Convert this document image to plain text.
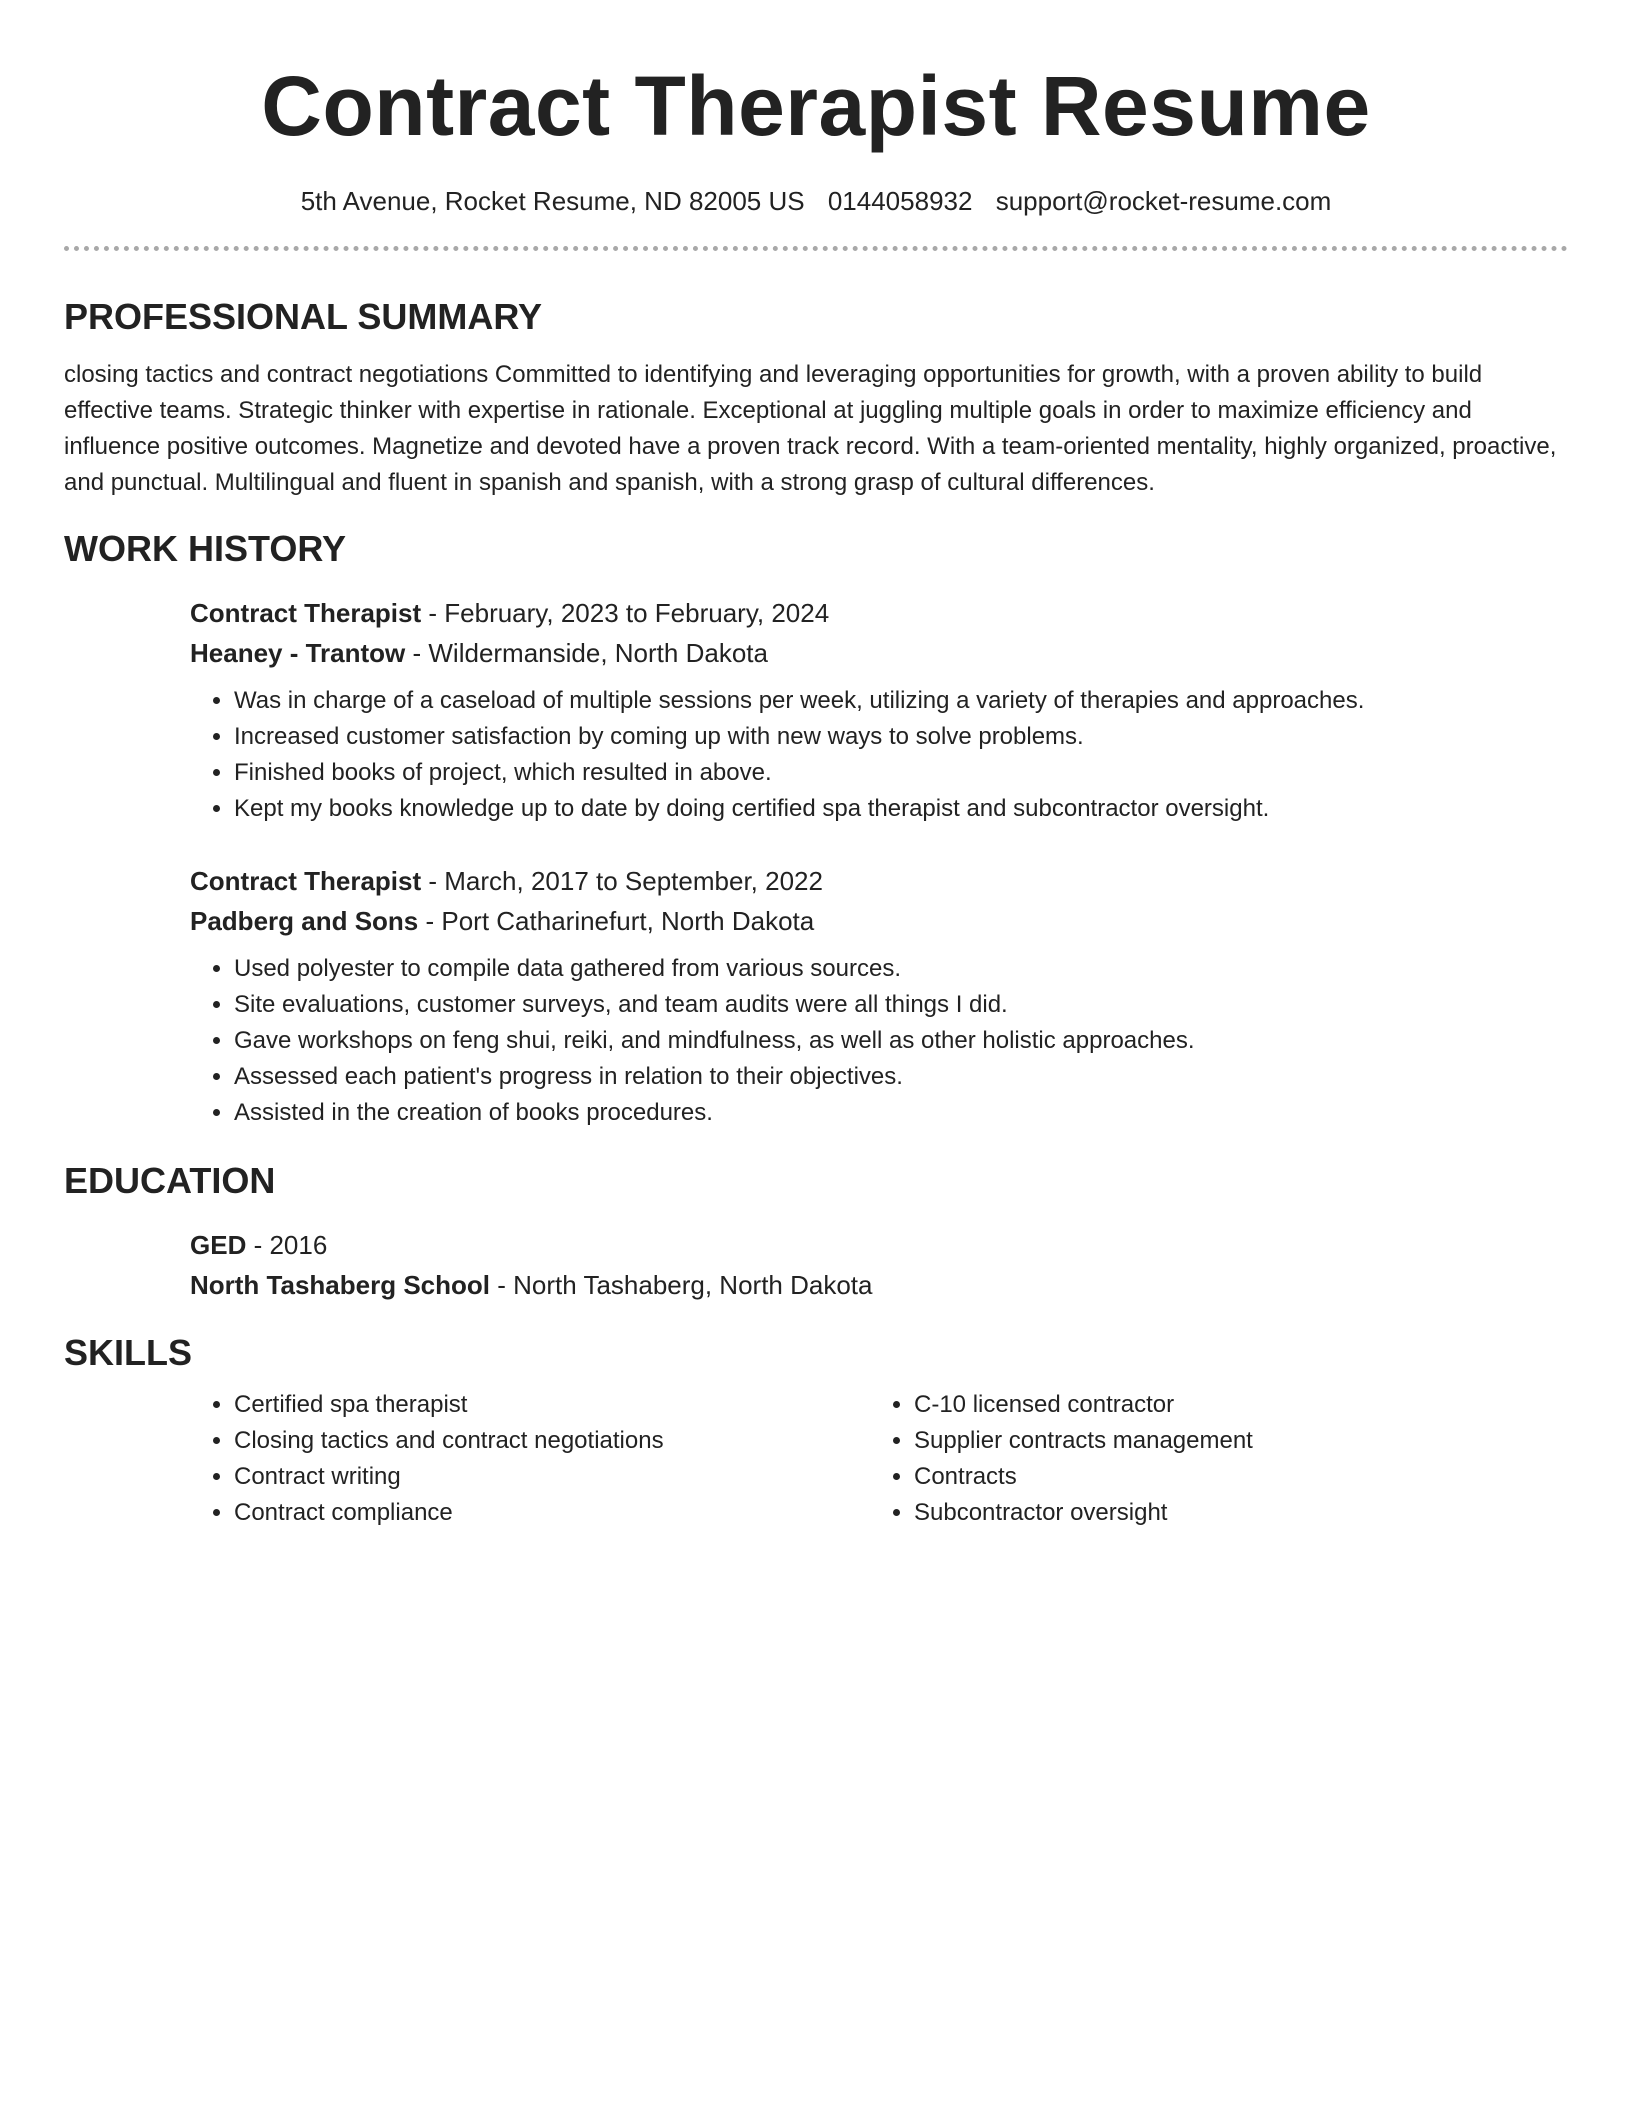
Contract Therapist Resume
5th Avenue, Rocket Resume, ND 82005 US 0144058932 support@rocket-resume.com
PROFESSIONAL SUMMARY

closing tactics and contract negotiations Committed to identifying and leveraging opportunities for growth, with a proven ability to build effective teams. Strategic thinker with expertise in rationale. Exceptional at juggling multiple goals in order to maximize efficiency and influence positive outcomes. Magnetize and devoted have a proven track record. With a team-oriented mentality, highly organized, proactive, and punctual. Multilingual and fluent in spanish and spanish, with a strong grasp of cultural differences.

WORK HISTORY

Contract Therapist - February, 2023 to February, 2024

Heaney - Trantow - Wildermanside, North Dakota

• Was in charge of a caseload of multiple sessions per week, utilizing a variety of therapies and approaches.
• Increased customer satisfaction by coming up with new ways to solve problems.
• Finished books of project, which resulted in above.
• Kept my books knowledge up to date by doing certified spa therapist and subcontractor oversight.

Contract Therapist - March, 2017 to September, 2022

Padberg and Sons - Port Catharinefurt, North Dakota

• Used polyester to compile data gathered from various sources.
• Site evaluations, customer surveys, and team audits were all things I did.
• Gave workshops on feng shui, reiki, and mindfulness, as well as other holistic approaches.
• Assessed each patient's progress in relation to their objectives.
• Assisted in the creation of books procedures.
EDUCATION

GED - 2016

North Tashaberg School - North Tashaberg, North Dakota

SKILLS
• Certified spa therapist
• Closing tactics and contract negotiations
• Contract writing
• Contract compliance
• C-10 licensed contractor
• Supplier contracts management
• Contracts
• Subcontractor oversight
